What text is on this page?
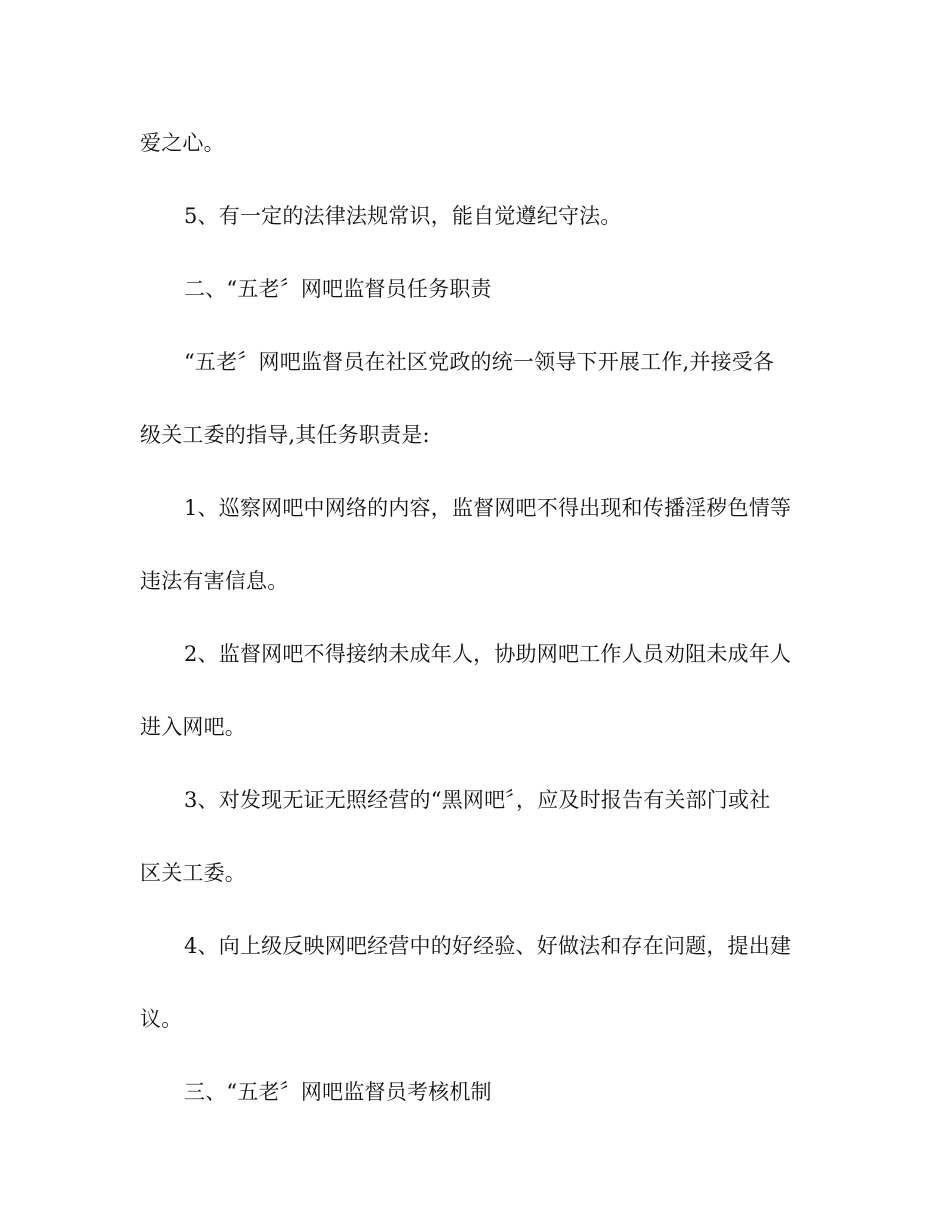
爱之心。
5、有一定的法律法规常识，能自觉遵纪守法。
二、“五老〞网吧监督员任务职责
“五老〞网吧监督员在社区党政的统一领导下开展工作,并接受各
级关工委的指导,其任务职责是:
1、巡察网吧中网络的内容，监督网吧不得出现和传播淫秽色情等
违法有害信息。
2、监督网吧不得接纳未成年人，协助网吧工作人员劝阻未成年人
进入网吧。
3、对发现无证无照经营的“黑网吧〞，应及时报告有关部门或社
区关工委。
4、向上级反映网吧经营中的好经验、好做法和存在问题，提出建
议。
三、“五老〞网吧监督员考核机制
